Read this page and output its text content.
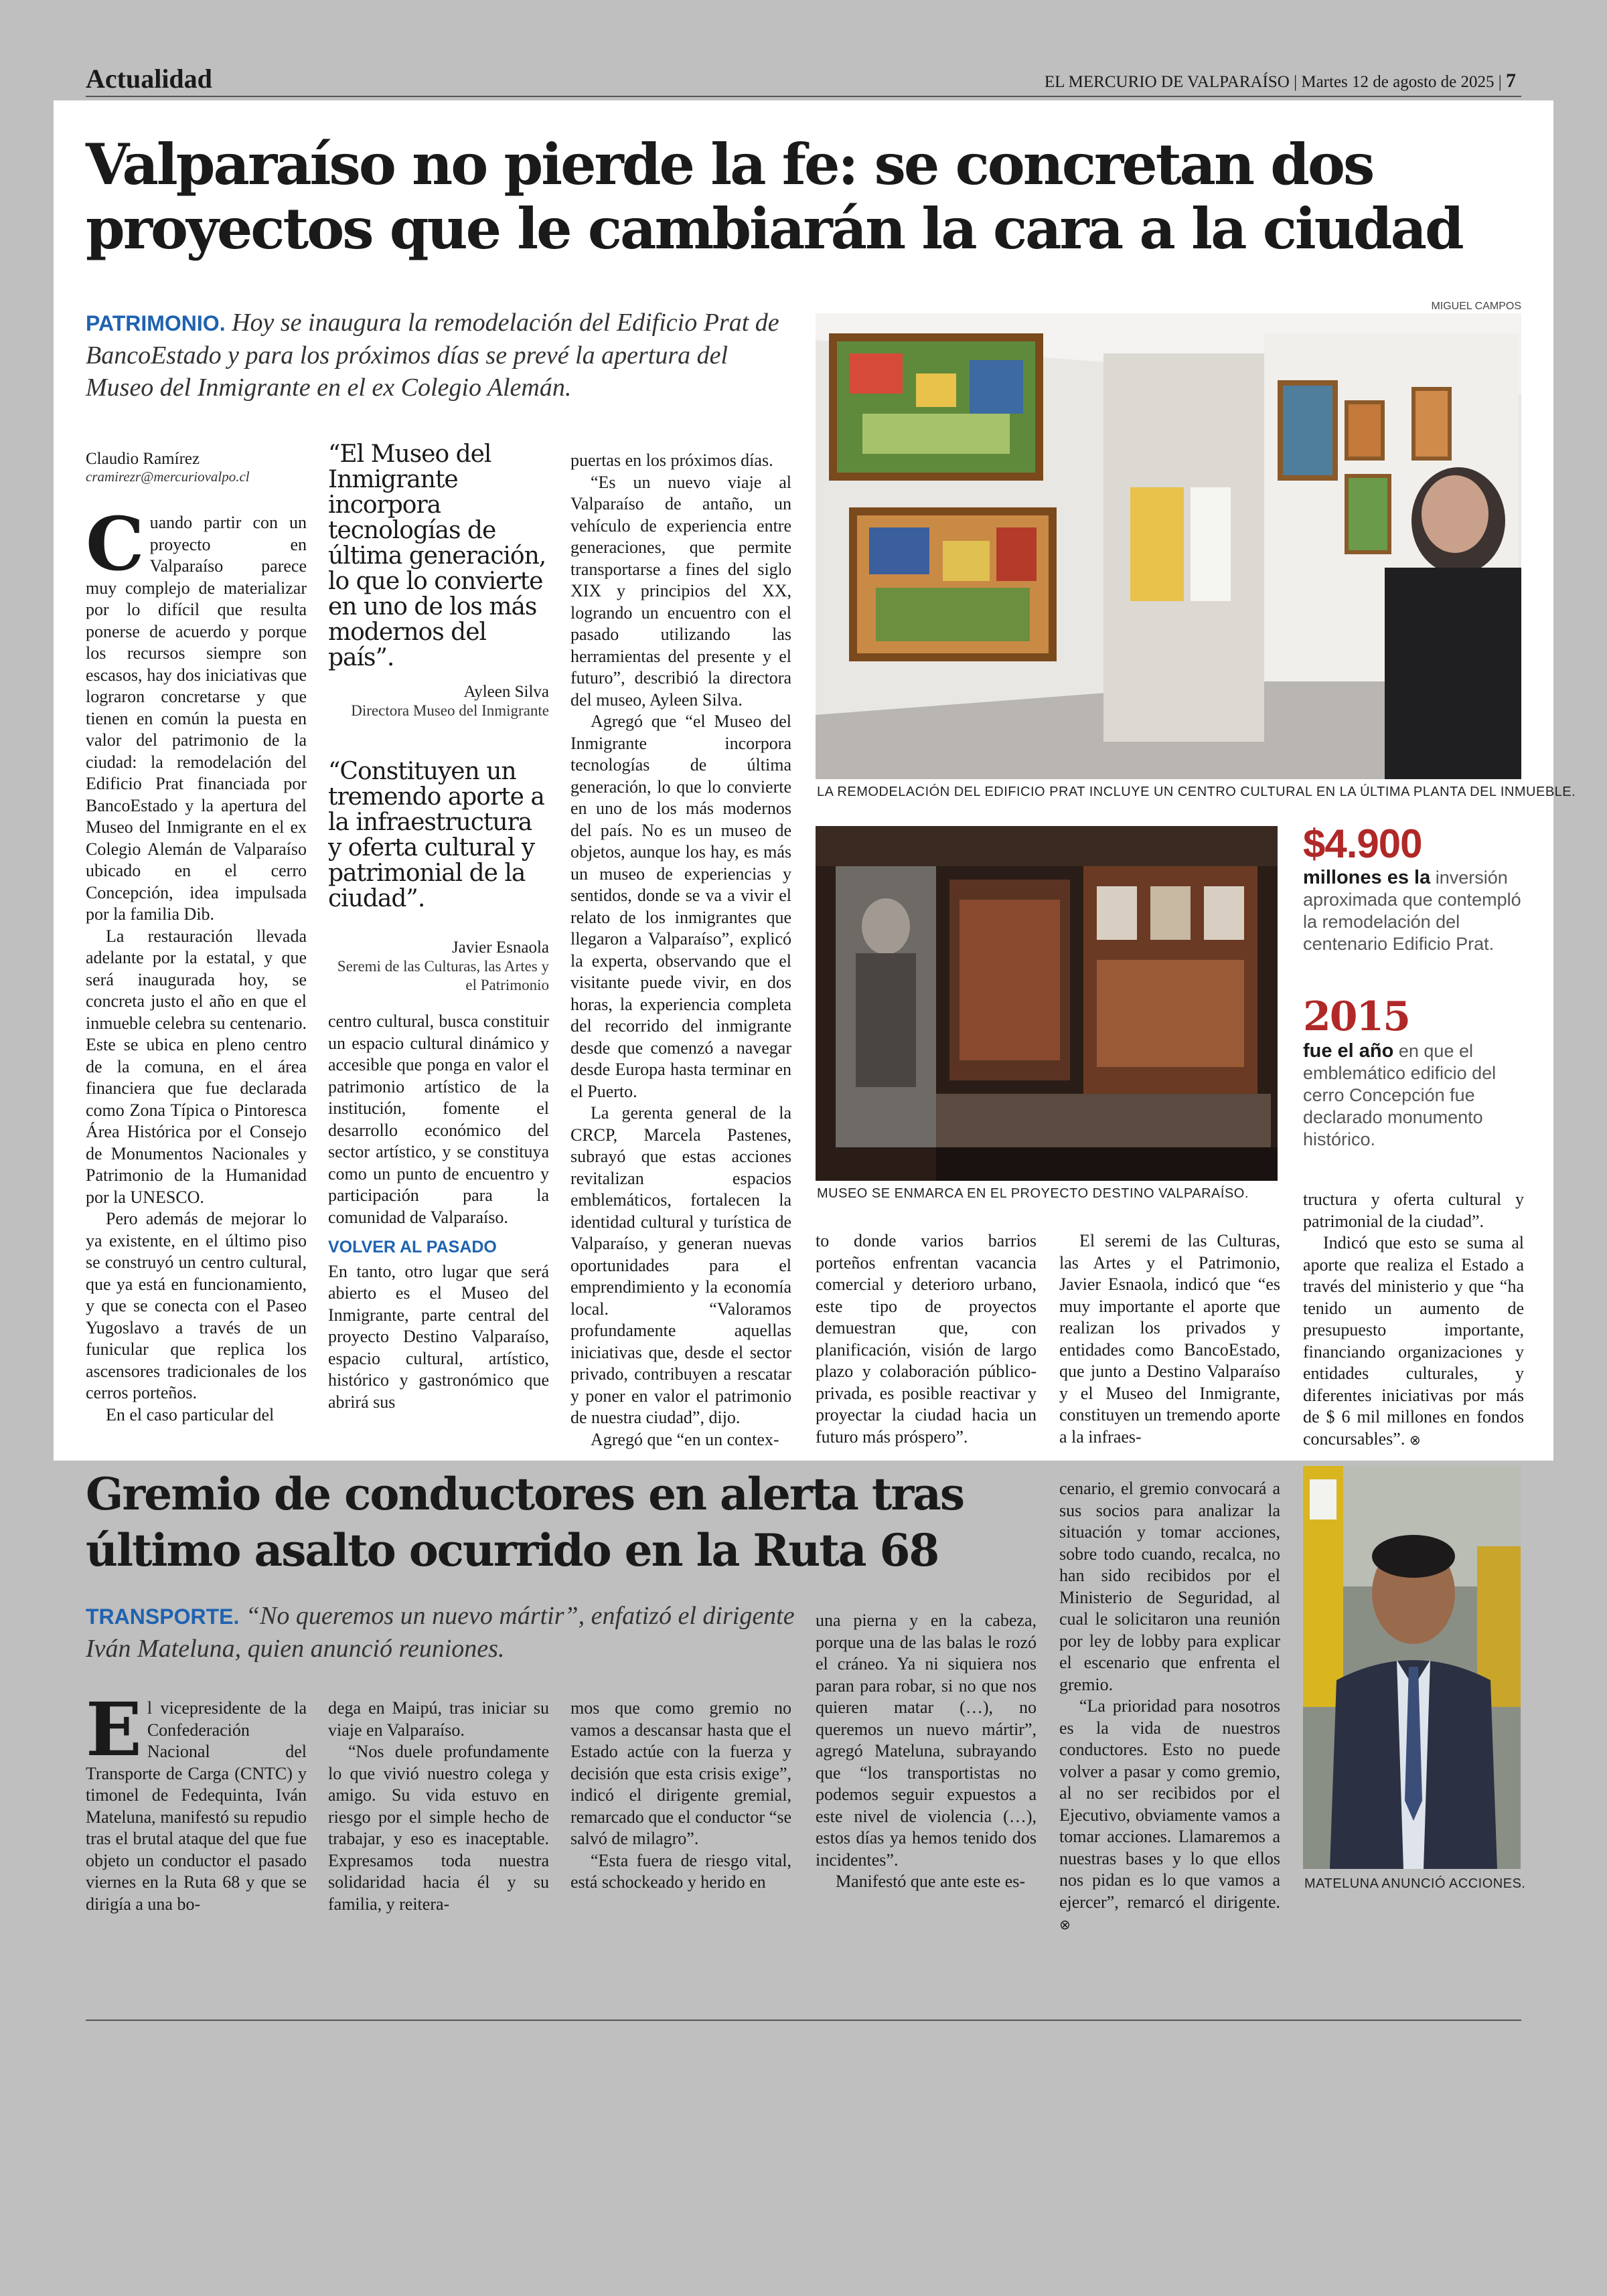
Actualidad	EL MERCURIO DE VALPARAÍSO | Martes 12 de agosto de 2025 | 7
Valparaíso no pierde la fe: se concretan dos proyectos que le cambiarán la cara a la ciudad
PATRIMONIO. Hoy se inaugura la remodelación del Edificio Prat de BancoEstado y para los próximos días se prevé la apertura del Museo del Inmigrante en el ex Colegio Alemán.
Claudio Ramírez
cramirezr@mercuriovalpo.cl

Cuando partir con un proyecto en Valparaíso parece muy complejo de materializar por lo difícil que resulta ponerse de acuerdo y porque los recursos siempre son escasos, hay dos iniciativas que lograron concretarse y que tienen en común la puesta en valor del patrimonio de la ciudad: la remodelación del Edificio Prat financiada por BancoEstado y la apertura del Museo del Inmigrante en el ex Colegio Alemán de Valparaíso ubicado en el cerro Concepción, idea impulsada por la familia Dib.

La restauración llevada adelante por la estatal, y que será inaugurada hoy, se concreta justo el año en que el inmueble celebra su centenario. Este se ubica en pleno centro de la comuna, en el área financiera que fue declarada como Zona Típica o Pintoresca Área Histórica por el Consejo de Monumentos Nacionales y Patrimonio de la Humanidad por la UNESCO.

Pero además de mejorar lo ya existente, en el último piso se construyó un centro cultural, que ya está en funcionamiento, y que se conecta con el Paseo Yugoslavo a través de un funicular que replica los ascensores tradicionales de los cerros porteños.

En el caso particular del

“El Museo del Inmigrante incorpora tecnologías de última generación, lo que lo convierte en uno de los más modernos del país”.
Ayleen Silva
Directora Museo del Inmigrante
“Constituyen un tremendo aporte a la infraestructura y oferta cultural y patrimonial de la ciudad”.
Javier Esnaola
Seremi de las Culturas, las Artes y el Patrimonio

centro cultural, busca constituir un espacio cultural dinámico y accesible que ponga en valor el patrimonio artístico de la institución, fomente el desarrollo económico del sector artístico, y se constituya como un punto de encuentro y participación para la comunidad de Valparaíso.

VOLVER AL PASADO

En tanto, otro lugar que será abierto es el Museo del Inmigrante, parte central del proyecto Destino Valparaíso, espacio cultural, artístico, histórico y gastronómico que abrirá sus

puertas en los próximos días.

“Es un nuevo viaje al Valparaíso de antaño, un vehículo de experiencia entre generaciones, que permite transportarse a fines del siglo XIX y principios del XX, logrando un encuentro con el pasado utilizando las herramientas del presente y el futuro”, describió la directora del museo, Ayleen Silva.

Agregó que “el Museo del Inmigrante incorpora tecnologías de última generación, lo que lo convierte en uno de los más modernos del país. No es un museo de objetos, aunque los hay, es más un museo de experiencias y sentidos, donde se va a vivir el relato de los inmigrantes que llegaron a Valparaíso”, explicó la experta, observando que el visitante puede vivir, en dos horas, la experiencia completa del recorrido del inmigrante desde que comenzó a navegar desde Europa hasta terminar en el Puerto.

La gerenta general de la CRCP, Marcela Pastenes, subrayó que estas acciones revitalizan espacios emblemáticos, fortalecen la identidad cultural y turística de Valparaíso, y generan nuevas oportunidades para el emprendimiento y la economía local. “Valoramos profundamente aquellas iniciativas que, desde el sector privado, contribuyen a rescatar y poner en valor el patrimonio de nuestra ciudad”, dijo.

Agregó que “en un contex-

MIGUEL CAMPOS
LA REMODELACIÓN DEL EDIFICIO PRAT INCLUYE UN CENTRO CULTURAL EN LA ÚLTIMA PLANTA DEL INMUEBLE.
MUSEO SE ENMARCA EN EL PROYECTO DESTINO VALPARAÍSO.
$4.900
millones es la inversión aproximada que contempló la remodelación del centenario Edificio Prat.
2015
fue el año en que el emblemático edificio del cerro Concepción fue declarado monumento histórico.

to donde varios barrios porteños enfrentan vacancia comercial y deterioro urbano, este tipo de proyectos demuestran que, con planificación, visión de largo plazo y colaboración público-privada, es posible reactivar y proyectar la ciudad hacia un futuro más próspero”.

El seremi de las Culturas, las Artes y el Patrimonio, Javier Esnaola, indicó que “es muy importante el aporte que realizan los privados y entidades como BancoEstado, que junto a Destino Valparaíso y el Museo del Inmigrante, constituyen un tremendo aporte a la infraes-

tructura y oferta cultural y patrimonial de la ciudad”.

Indicó que esto se suma al aporte que realiza el Estado a través del ministerio y que “ha tenido un aumento de presupuesto importante, financiando organizaciones y entidades culturales, y diferentes iniciativas por más de $ 6 mil millones en fondos concursables”. ⊗

Gremio de conductores en alerta tras último asalto ocurrido en la Ruta 68
TRANSPORTE. “No queremos un nuevo mártir”, enfatizó el dirigente Iván Mateluna, quien anunció reuniones.

El vicepresidente de la Confederación Nacional del Transporte de Carga (CNTC) y timonel de Fedequinta, Iván Mateluna, manifestó su repudio tras el brutal ataque del que fue objeto un conductor el pasado viernes en la Ruta 68 y que se dirigía a una bo-

dega en Maipú, tras iniciar su viaje en Valparaíso.

“Nos duele profundamente lo que vivió nuestro colega y amigo. Su vida estuvo en riesgo por el simple hecho de trabajar, y eso es inaceptable. Expresamos toda nuestra solidaridad hacia él y su familia, y reitera-

mos que como gremio no vamos a descansar hasta que el Estado actúe con la fuerza y decisión que esta crisis exige”, indicó el dirigente gremial, remarcado que el conductor “se salvó de milagro”.

“Esta fuera de riesgo vital, está schockeado y herido en

una pierna y en la cabeza, porque una de las balas le rozó el cráneo. Ya ni siquiera nos paran para robar, si no que nos quieren matar (…), no queremos un nuevo mártir”, agregó Mateluna, subrayando que “los transportistas no podemos seguir expuestos a este nivel de violencia (…), estos días ya hemos tenido dos incidentes”.

Manifestó que ante este es-

cenario, el gremio convocará a sus socios para analizar la situación y tomar acciones, sobre todo cuando, recalca, no han sido recibidos por el Ministerio de Seguridad, al cual le solicitaron una reunión por ley de lobby para explicar el escenario que enfrenta el gremio.

“La prioridad para nosotros es la vida de nuestros conductores. Esto no puede volver a pasar y como gremio, al no ser recibidos por el Ejecutivo, obviamente vamos a tomar acciones. Llamaremos a nuestras bases y lo que ellos nos pidan es lo que vamos a ejercer”, remarcó el dirigente. ⊗

MATELUNA ANUNCIÓ ACCIONES.
